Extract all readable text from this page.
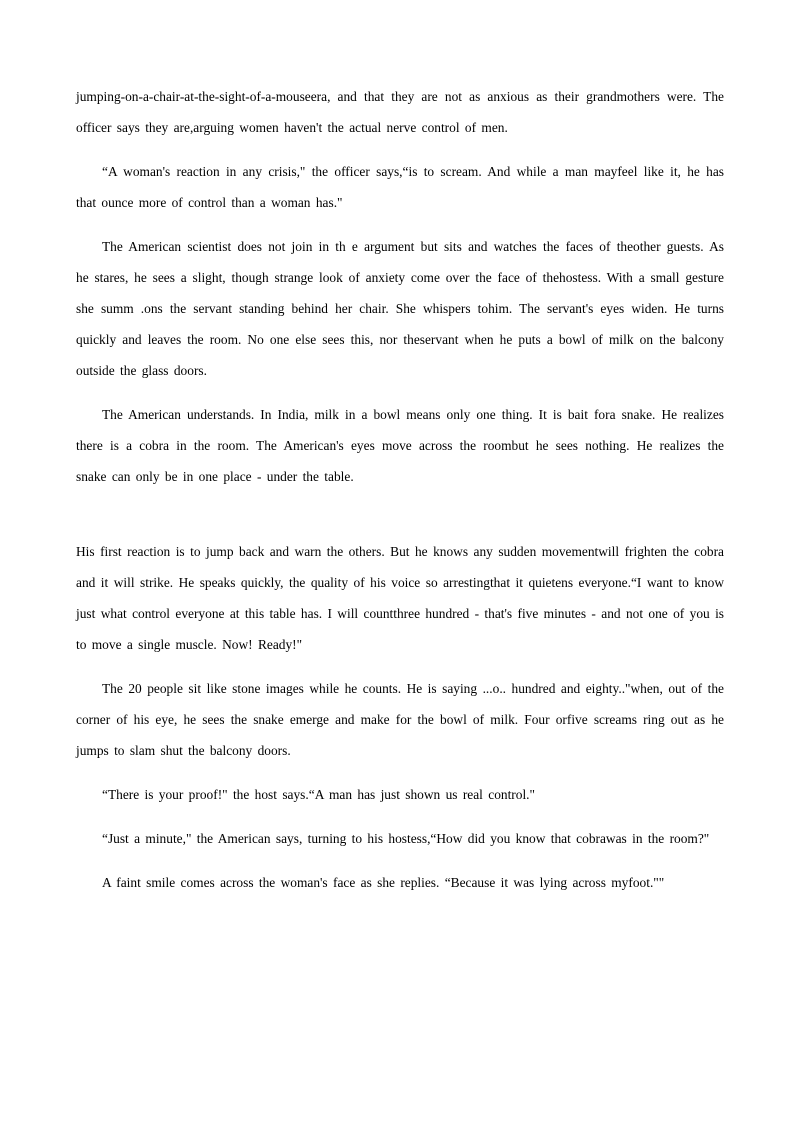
jumping-on-a-chair-at-the-sight-of-a-mouseera, and that they are not as anxious as their grandmothers were. The officer says they are,arguing women haven't the actual nerve control of men.

“A woman's reaction in any crisis," the officer says,“is to scream. And while a man mayfeel like it, he has that ounce more of control than a woman has."

The American scientist does not join in th e argument but sits and watches the faces of theother guests. As he stares, he sees a slight, though strange look of anxiety come over the face of thehostess. With a small gesture she summ .ons the servant standing behind her chair. She whispers tohim. The servant's eyes widen. He turns quickly and leaves the room. No one else sees this, nor theservant when he puts a bowl of milk on the balcony outside the glass doors.

The American understands. In India, milk in a bowl means only one thing. It is bait fora snake. He realizes there is a cobra in the room. The American's eyes move across the roombut he sees nothing. He realizes the snake can only be in one place - under the table.

His first reaction is to jump back and warn the others. But he knows any sudden movementwill frighten the cobra and it will strike. He speaks quickly, the quality of his voice so arrestingthat it quietens everyone.“I want to know just what control everyone at this table has. I will countthree hundred - that's five minutes - and not one of you is to move a single muscle. Now! Ready!"

The 20 people sit like stone images while he counts. He is saying ...o.. hundred and eighty.."when, out of the corner of his eye, he sees the snake emerge and make for the bowl of milk. Four orfive screams ring out as he jumps to slam shut the balcony doors.

“There is your proof!" the host says.“A man has just shown us real control."

“Just a minute," the American says, turning to his hostess,“How did you know that cobrawas in the room?"

A faint smile comes across the woman's face as she replies. “Because it was lying across myfoot.""
